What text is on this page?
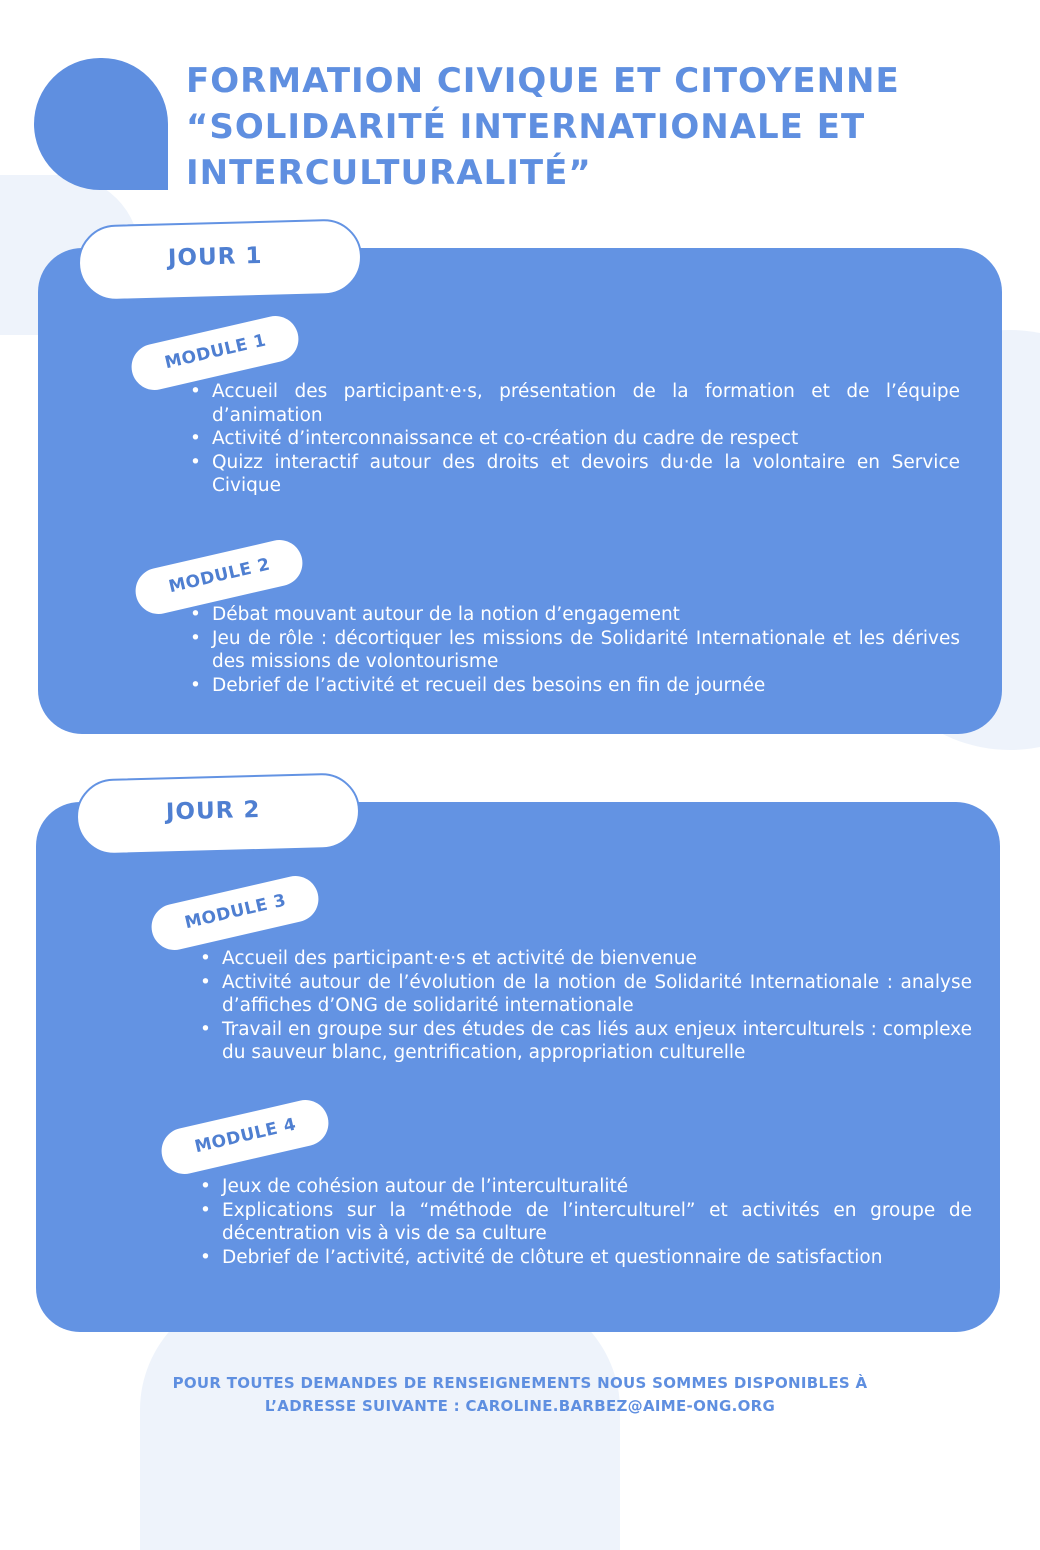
FORMATION CIVIQUE ET CITOYENNE
“SOLIDARITÉ INTERNATIONALE ET
INTERCULTURALITÉ”
JOUR 1
MODULE 1
• Accueil des participant·e·s, présentation de la formation et de l’équipe d’animation
• Activité d’interconnaissance et co-création du cadre de respect
• Quizz interactif autour des droits et devoirs du·de la volontaire en Service Civique
MODULE 2
• Débat mouvant autour de la notion d’engagement
• Jeu de rôle : décortiquer les missions de Solidarité Internationale et les dérives des missions de volontourisme
• Debrief de l’activité et recueil des besoins en fin de journée
JOUR 2
MODULE 3
• Accueil des participant·e·s et activité de bienvenue
• Activité autour de l’évolution de la notion de Solidarité Internationale : analyse d’affiches d’ONG de solidarité internationale
• Travail en groupe sur des études de cas liés aux enjeux interculturels : complexe du sauveur blanc, gentrification, appropriation culturelle
MODULE 4
• Jeux de cohésion autour de l’interculturalité
• Explications sur la “méthode de l’interculturel” et activités en groupe de décentration vis à vis de sa culture
• Debrief de l’activité, activité de clôture et questionnaire de satisfaction
POUR TOUTES DEMANDES DE RENSEIGNEMENTS NOUS SOMMES DISPONIBLES À
L’ADRESSE SUIVANTE : CAROLINE.BARBEZ@AIME-ONG.ORG
